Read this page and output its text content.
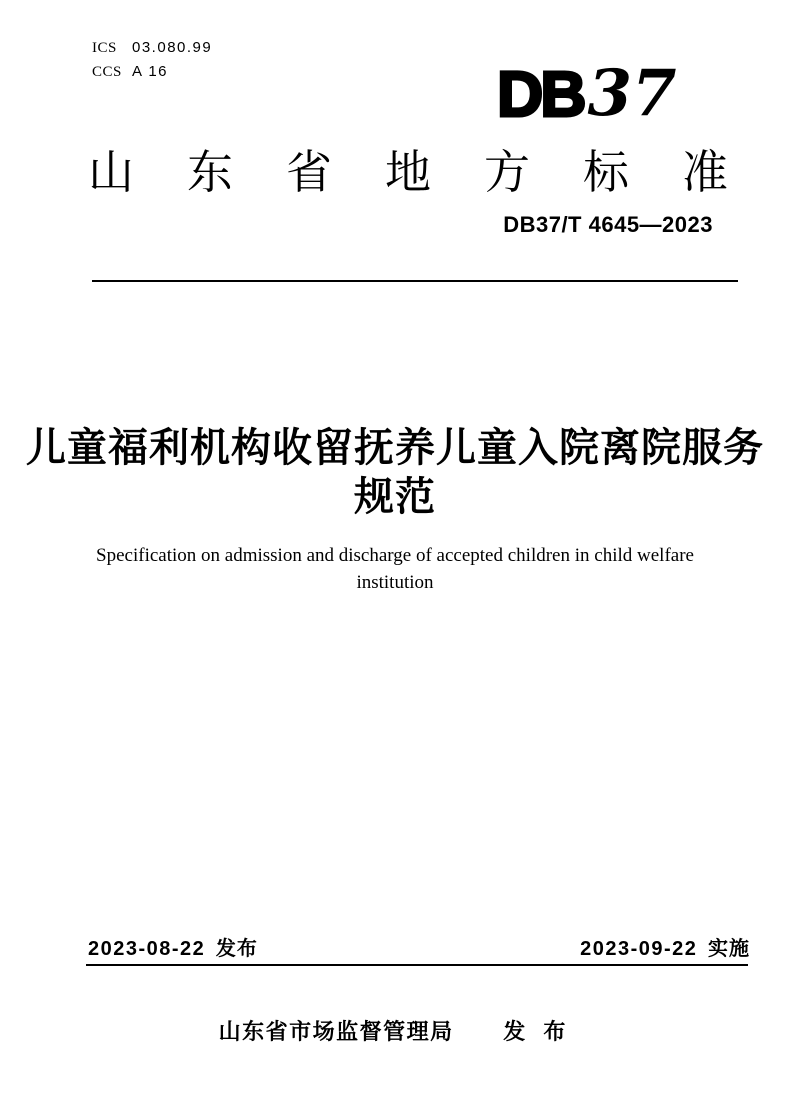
ICS	03.080.99
CCS A 16	DB 37
山东省地方标准
DB37/T 4645—2023
儿童福利机构收留抚养儿童入院离院服务
规范
Specification on admission and discharge of accepted children in child welfare
institution
2023-08-22 发布	2023-09-22 实施
山东省市场监督管理局 发 布
